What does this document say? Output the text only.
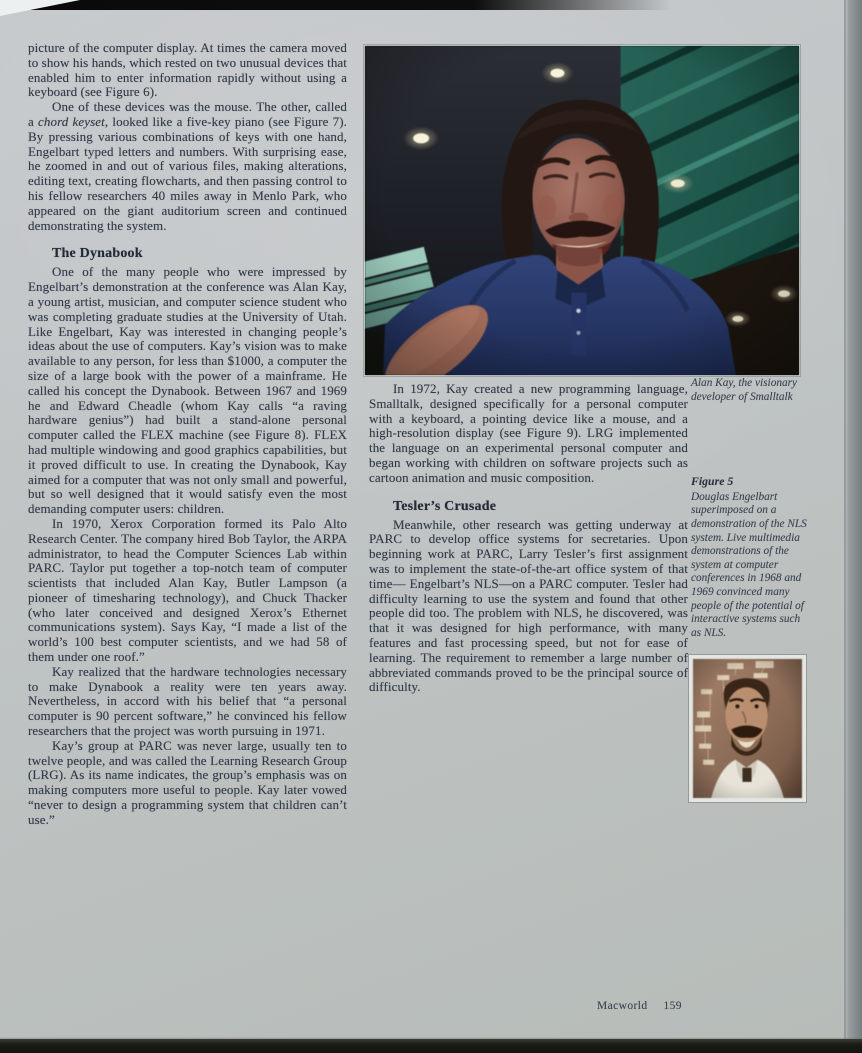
picture of the computer display. At times the camera moved to show his hands, which rested on two unusual devices that enabled him to enter information rapidly without using a keyboard (see Figure 6).

One of these devices was the mouse. The other, called a chord keyset, looked like a five-key piano (see Figure 7). By pressing various combinations of keys with one hand, Engelbart typed letters and numbers. With surprising ease, he zoomed in and out of various files, making alterations, editing text, creating flowcharts, and then passing control to his fellow researchers 40 miles away in Menlo Park, who appeared on the giant auditorium screen and continued demonstrating the system.

The Dynabook

One of the many people who were impressed by Engelbart’s demonstration at the conference was Alan Kay, a young artist, musician, and computer science student who was completing graduate studies at the University of Utah. Like Engelbart, Kay was interested in changing people’s ideas about the use of computers. Kay’s vision was to make available to any person, for less than $1000, a computer the size of a large book with the power of a mainframe. He called his concept the Dynabook. Between 1967 and 1969 he and Edward Cheadle (whom Kay calls “a raving hardware genius”) had built a stand-alone personal computer called the FLEX machine (see Figure 8). FLEX had multiple windowing and good graphics capabilities, but it proved difficult to use. In creating the Dynabook, Kay aimed for a computer that was not only small and powerful, but so well designed that it would satisfy even the most demanding computer users: children.

In 1970, Xerox Corporation formed its Palo Alto Research Center. The company hired Bob Taylor, the ARPA administrator, to head the Computer Sciences Lab within PARC. Taylor put together a top-notch team of computer scientists that included Alan Kay, Butler Lampson (a pioneer of timesharing technology), and Chuck Thacker (who later conceived and designed Xerox’s Ethernet communications system). Says Kay, “I made a list of the world’s 100 best computer scientists, and we had 58 of them under one roof.”

Kay realized that the hardware technologies necessary to make Dynabook a reality were ten years away. Nevertheless, in accord with his belief that “a personal computer is 90 percent software,” he convinced his fellow researchers that the project was worth pursuing in 1971.

Kay’s group at PARC was never large, usually ten to twelve people, and was called the Learning Research Group (LRG). As its name indicates, the group’s emphasis was on making computers more useful to people. Kay later vowed “never to design a programming system that children can’t use.”

In 1972, Kay created a new programming language, Smalltalk, designed specifically for a personal computer with a keyboard, a pointing device like a mouse, and a high-resolution display (see Figure 9). LRG implemented the language on an experimental personal computer and began working with children on software projects such as cartoon animation and music composition.

Tesler’s Crusade

Meanwhile, other research was getting underway at PARC to develop office systems for secretaries. Upon beginning work at PARC, Larry Tesler’s first assignment was to implement the state-of-the-art office system of that time— Engelbart’s NLS—on a PARC computer. Tesler had difficulty learning to use the system and found that other people did too. The problem with NLS, he discovered, was that it was designed for high performance, with many features and fast processing speed, but not for ease of learning. The requirement to remember a large number of abbreviated commands proved to be the principal source of difficulty.

Alan Kay, the visionary developer of Smalltalk

Figure 5

Douglas Engelbart superimposed on a demonstration of the NLS system. Live multimedia demonstrations of the system at computer conferences in 1968 and 1969 convinced many people of the potential of interactive systems such as NLS.

Macworld 159
